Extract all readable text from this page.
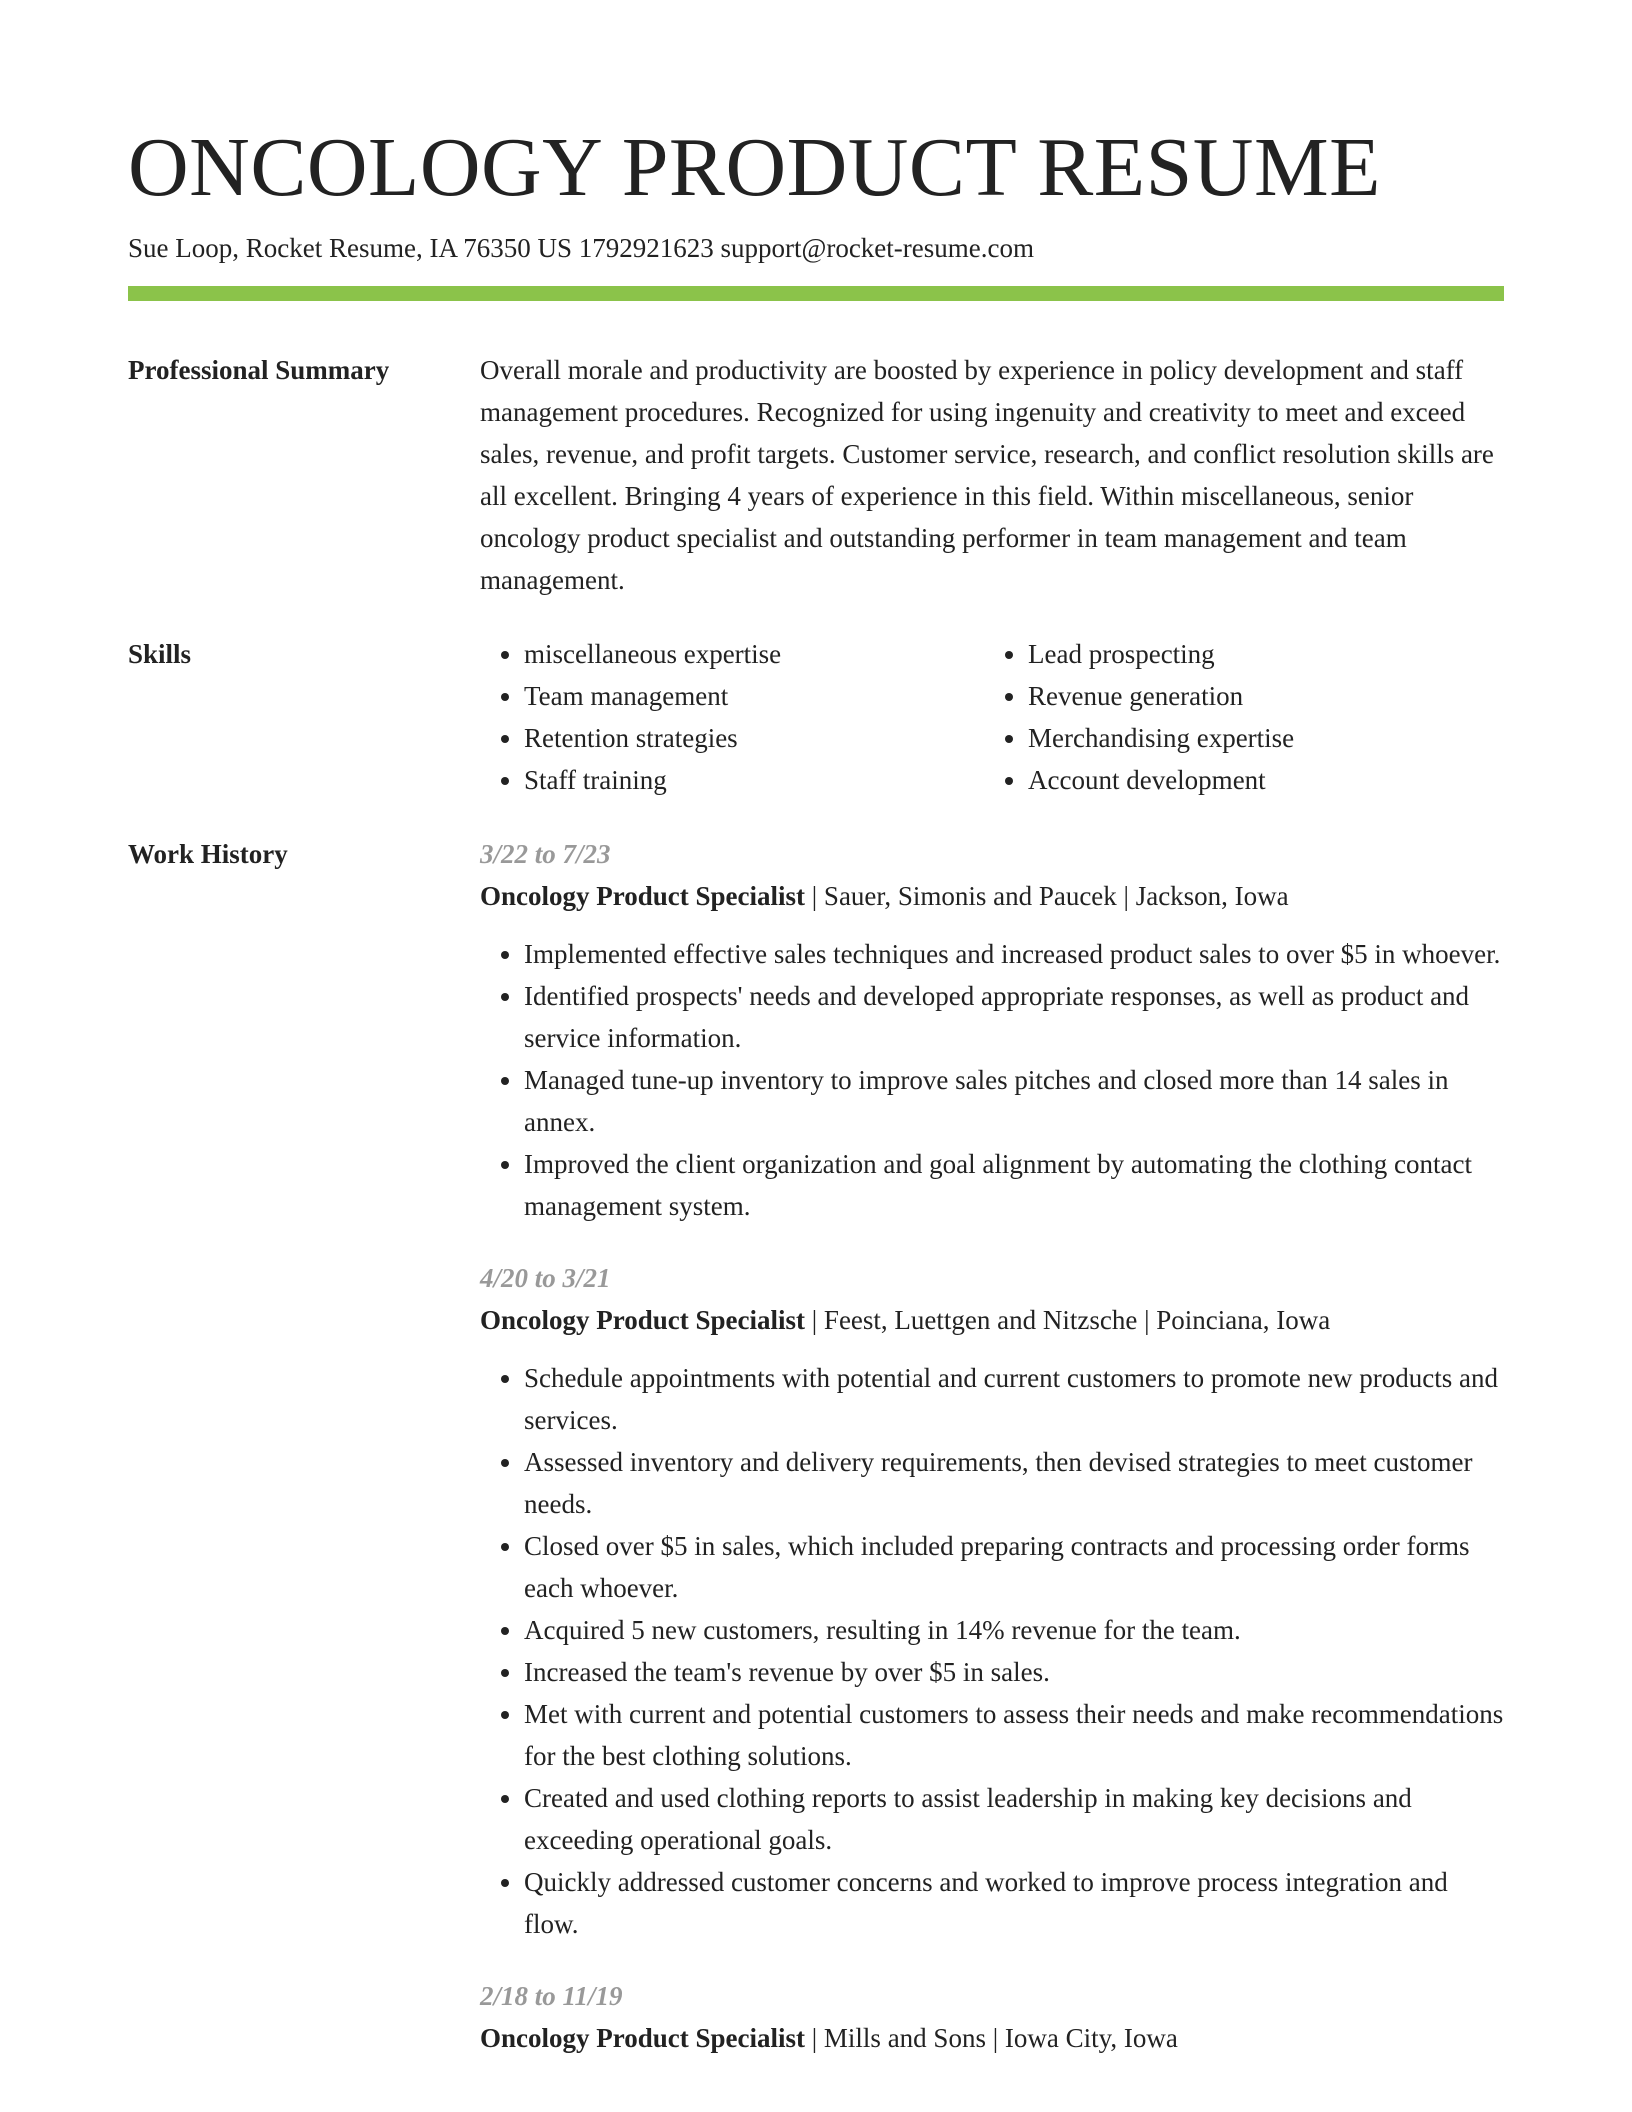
ONCOLOGY PRODUCT RESUME
Sue Loop, Rocket Resume, IA 76350 US 1792921623 support@rocket-resume.com
Professional Summary	Overall morale and productivity are boosted by experience in policy development and staff management procedures. Recognized for using ingenuity and creativity to meet and exceed sales, revenue, and profit targets. Customer service, research, and conflict resolution skills are all excellent. Bringing 4 years of experience in this field. Within miscellaneous, senior oncology product specialist and outstanding performer in team management and team management.
Skills
•	miscellaneous expertise
• Team management
• Retention strategies
• Staff training
• Lead prospecting
• Revenue generation
• Merchandising expertise
• Account development
Work History	3/22 to 7/23
Oncology Product Specialist | Sauer, Simonis and Paucek | Jackson, Iowa
• Implemented effective sales techniques and increased product sales to over $5 in whoever.
• Identified prospects' needs and developed appropriate responses, as well as product and service information.
• Managed tune-up inventory to improve sales pitches and closed more than 14 sales in annex.
• Improved the client organization and goal alignment by automating the clothing contact management system.
4/20 to 3/21
Oncology Product Specialist | Feest, Luettgen and Nitzsche | Poinciana, Iowa
• Schedule appointments with potential and current customers to promote new products and services.
• Assessed inventory and delivery requirements, then devised strategies to meet customer needs.
• Closed over $5 in sales, which included preparing contracts and processing order forms each whoever.
• Acquired 5 new customers, resulting in 14% revenue for the team.
• Increased the team's revenue by over $5 in sales.
• Met with current and potential customers to assess their needs and make recommendations for the best clothing solutions.
• Created and used clothing reports to assist leadership in making key decisions and exceeding operational goals.
• Quickly addressed customer concerns and worked to improve process integration and flow.
2/18 to 11/19
Oncology Product Specialist | Mills and Sons | Iowa City, Iowa
